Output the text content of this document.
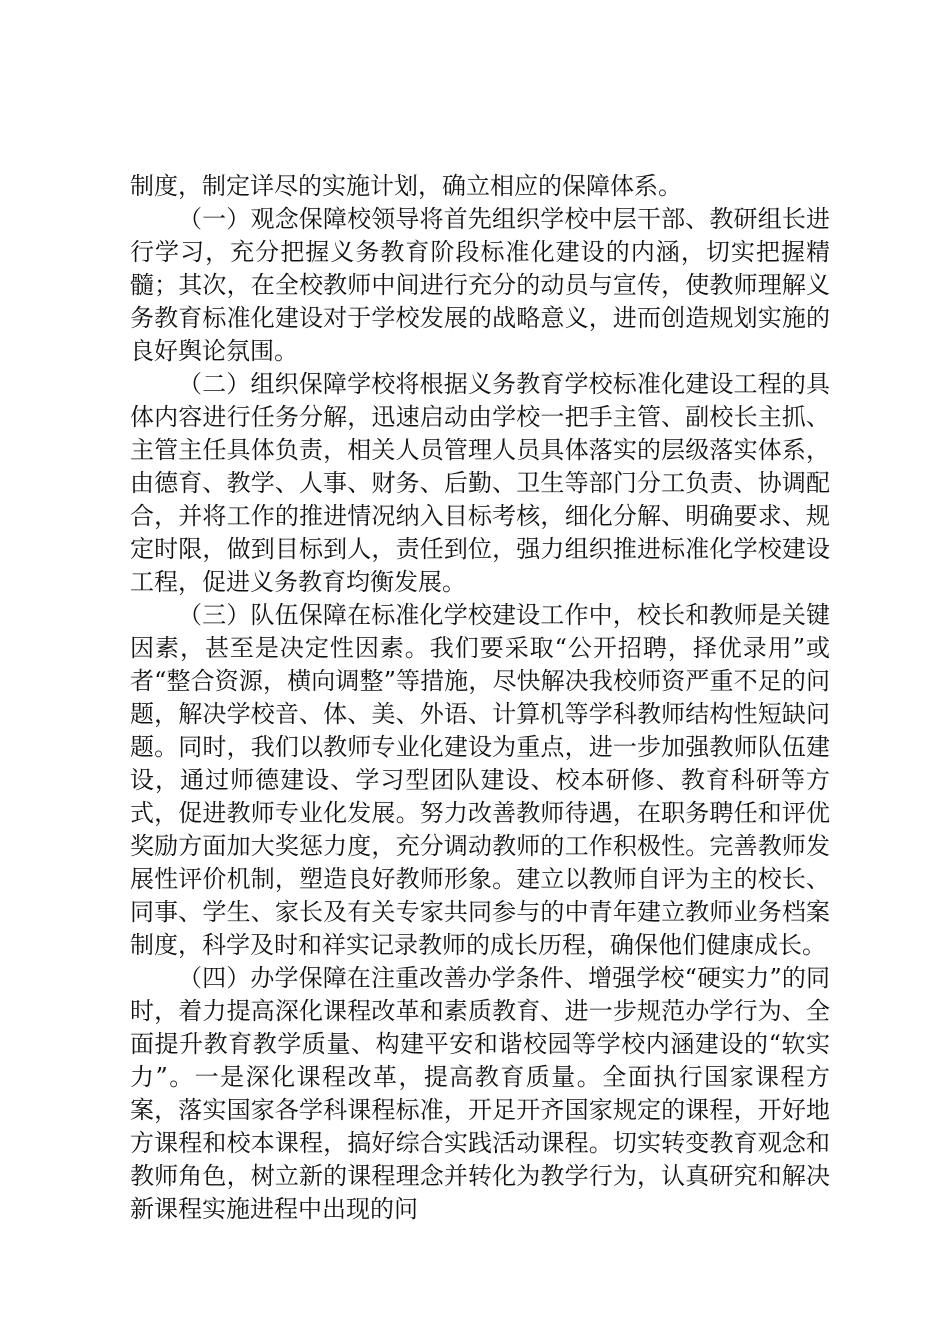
制度，制定详尽的实施计划，确立相应的保障体系。

（一）观念保障校领导将首先组织学校中层干部、教研组长进行学习，充分把握义务教育阶段标准化建设的内涵，切实把握精髓；其次，在全校教师中间进行充分的动员与宣传，使教师理解义务教育标准化建设对于学校发展的战略意义，进而创造规划实施的良好舆论氛围。

（二）组织保障学校将根据义务教育学校标准化建设工程的具体内容进行任务分解，迅速启动由学校一把手主管、副校长主抓、主管主任具体负责，相关人员管理人员具体落实的层级落实体系，由德育、教学、人事、财务、后勤、卫生等部门分工负责、协调配合，并将工作的推进情况纳入目标考核，细化分解、明确要求、规定时限，做到目标到人，责任到位，强力组织推进标准化学校建设工程，促进义务教育均衡发展。

（三）队伍保障在标准化学校建设工作中，校长和教师是关键因素，甚至是决定性因素。我们要采取“公开招聘，择优录用”或者“整合资源，横向调整”等措施，尽快解决我校师资严重不足的问题，解决学校音、体、美、外语、计算机等学科教师结构性短缺问题。同时，我们以教师专业化建设为重点，进一步加强教师队伍建设，通过师德建设、学习型团队建设、校本研修、教育科研等方式，促进教师专业化发展。努力改善教师待遇，在职务聘任和评优奖励方面加大奖惩力度，充分调动教师的工作积极性。完善教师发展性评价机制，塑造良好教师形象。建立以教师自评为主的校长、同事、学生、家长及有关专家共同参与的中青年建立教师业务档案制度，科学及时和祥实记录教师的成长历程，确保他们健康成长。

（四）办学保障在注重改善办学条件、增强学校“硬实力”的同时，着力提高深化课程改革和素质教育、进一步规范办学行为、全面提升教育教学质量、构建平安和谐校园等学校内涵建设的“软实力”。一是深化课程改革，提高教育质量。全面执行国家课程方案，落实国家各学科课程标准，开足开齐国家规定的课程，开好地方课程和校本课程，搞好综合实践活动课程。切实转变教育观念和教师角色，树立新的课程理念并转化为教学行为，认真研究和解决新课程实施进程中出现的问
